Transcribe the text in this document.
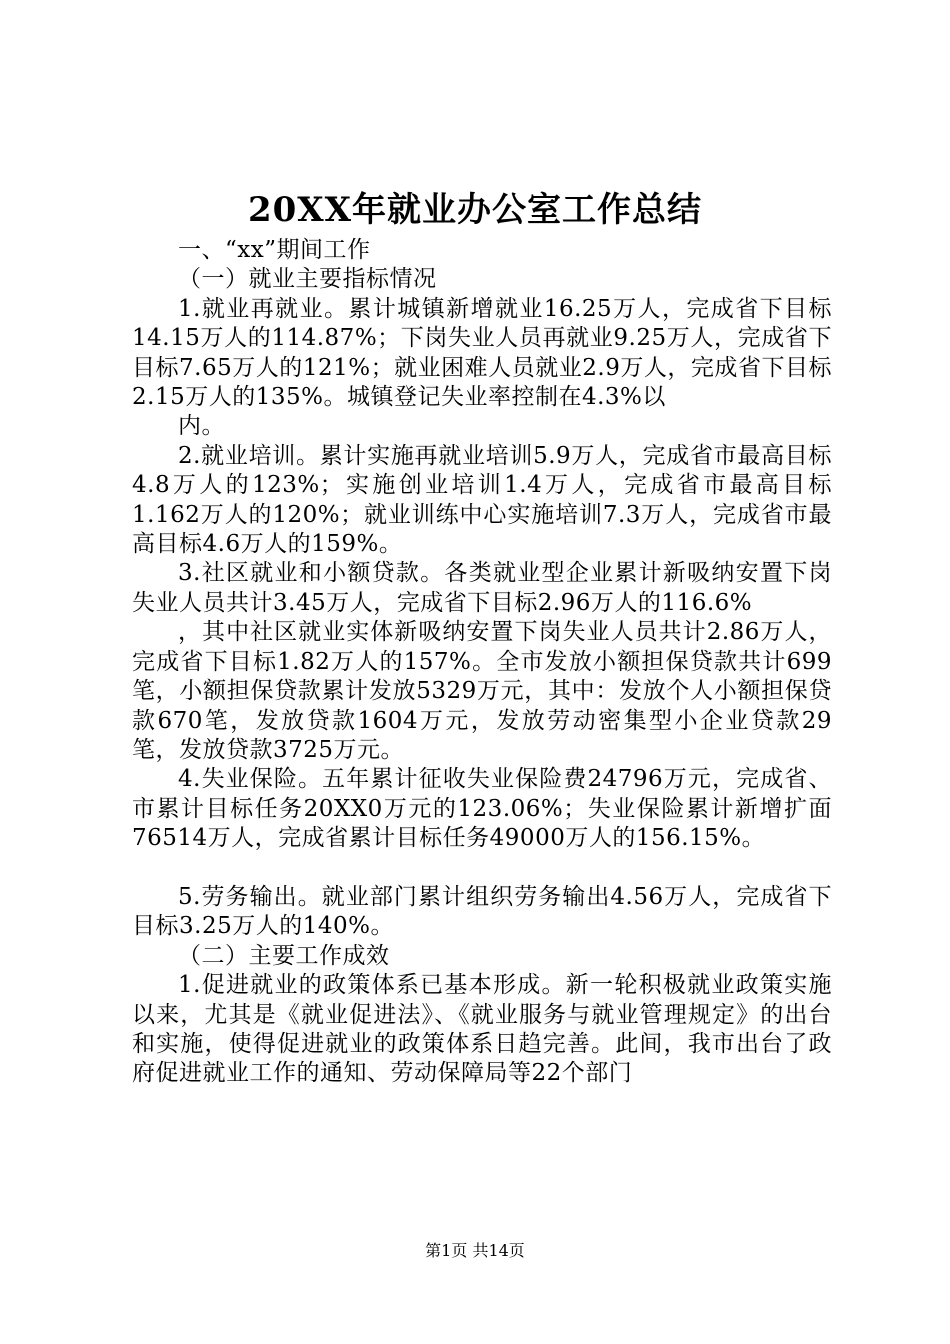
20XX年就业办公室工作总结

一、“xx”期间工作

（一）就业主要指标情况

1.就业再就业。累计城镇新增就业16.25万人，完成省下目标14.15万人的114.87%；下岗失业人员再就业9.25万人，完成省下目标7.65万人的121%；就业困难人员就业2.9万人，完成省下目标2.15万人的135%。城镇登记失业率控制在4.3%以

内。

2.就业培训。累计实施再就业培训5.9万人，完成省市最高目标4.8万人的123%；实施创业培训1.4万人，完成省市最高目标1.162万人的120%；就业训练中心实施培训7.3万人，完成省市最高目标4.6万人的159%。

3.社区就业和小额贷款。各类就业型企业累计新吸纳安置下岗失业人员共计3.45万人，完成省下目标2.96万人的116.6%

，其中社区就业实体新吸纳安置下岗失业人员共计2.86万人，完成省下目标1.82万人的157%。全市发放小额担保贷款共计699笔，小额担保贷款累计发放5329万元，其中：发放个人小额担保贷款670笔，发放贷款1604万元，发放劳动密集型小企业贷款29笔，发放贷款3725万元。

4.失业保险。五年累计征收失业保险费24796万元，完成省、市累计目标任务20XX0万元的123.06%；失业保险累计新增扩面76514万人，完成省累计目标任务49000万人的156.15%。

5.劳务输出。就业部门累计组织劳务输出4.56万人，完成省下目标3.25万人的140%。

（二）主要工作成效

1.促进就业的政策体系已基本形成。新一轮积极就业政策实施以来，尤其是《就业促进法》、《就业服务与就业管理规定》的出台和实施，使得促进就业的政策体系日趋完善。此间，我市出台了政府促进就业工作的通知、劳动保障局等22个部门

第1页 共14页
